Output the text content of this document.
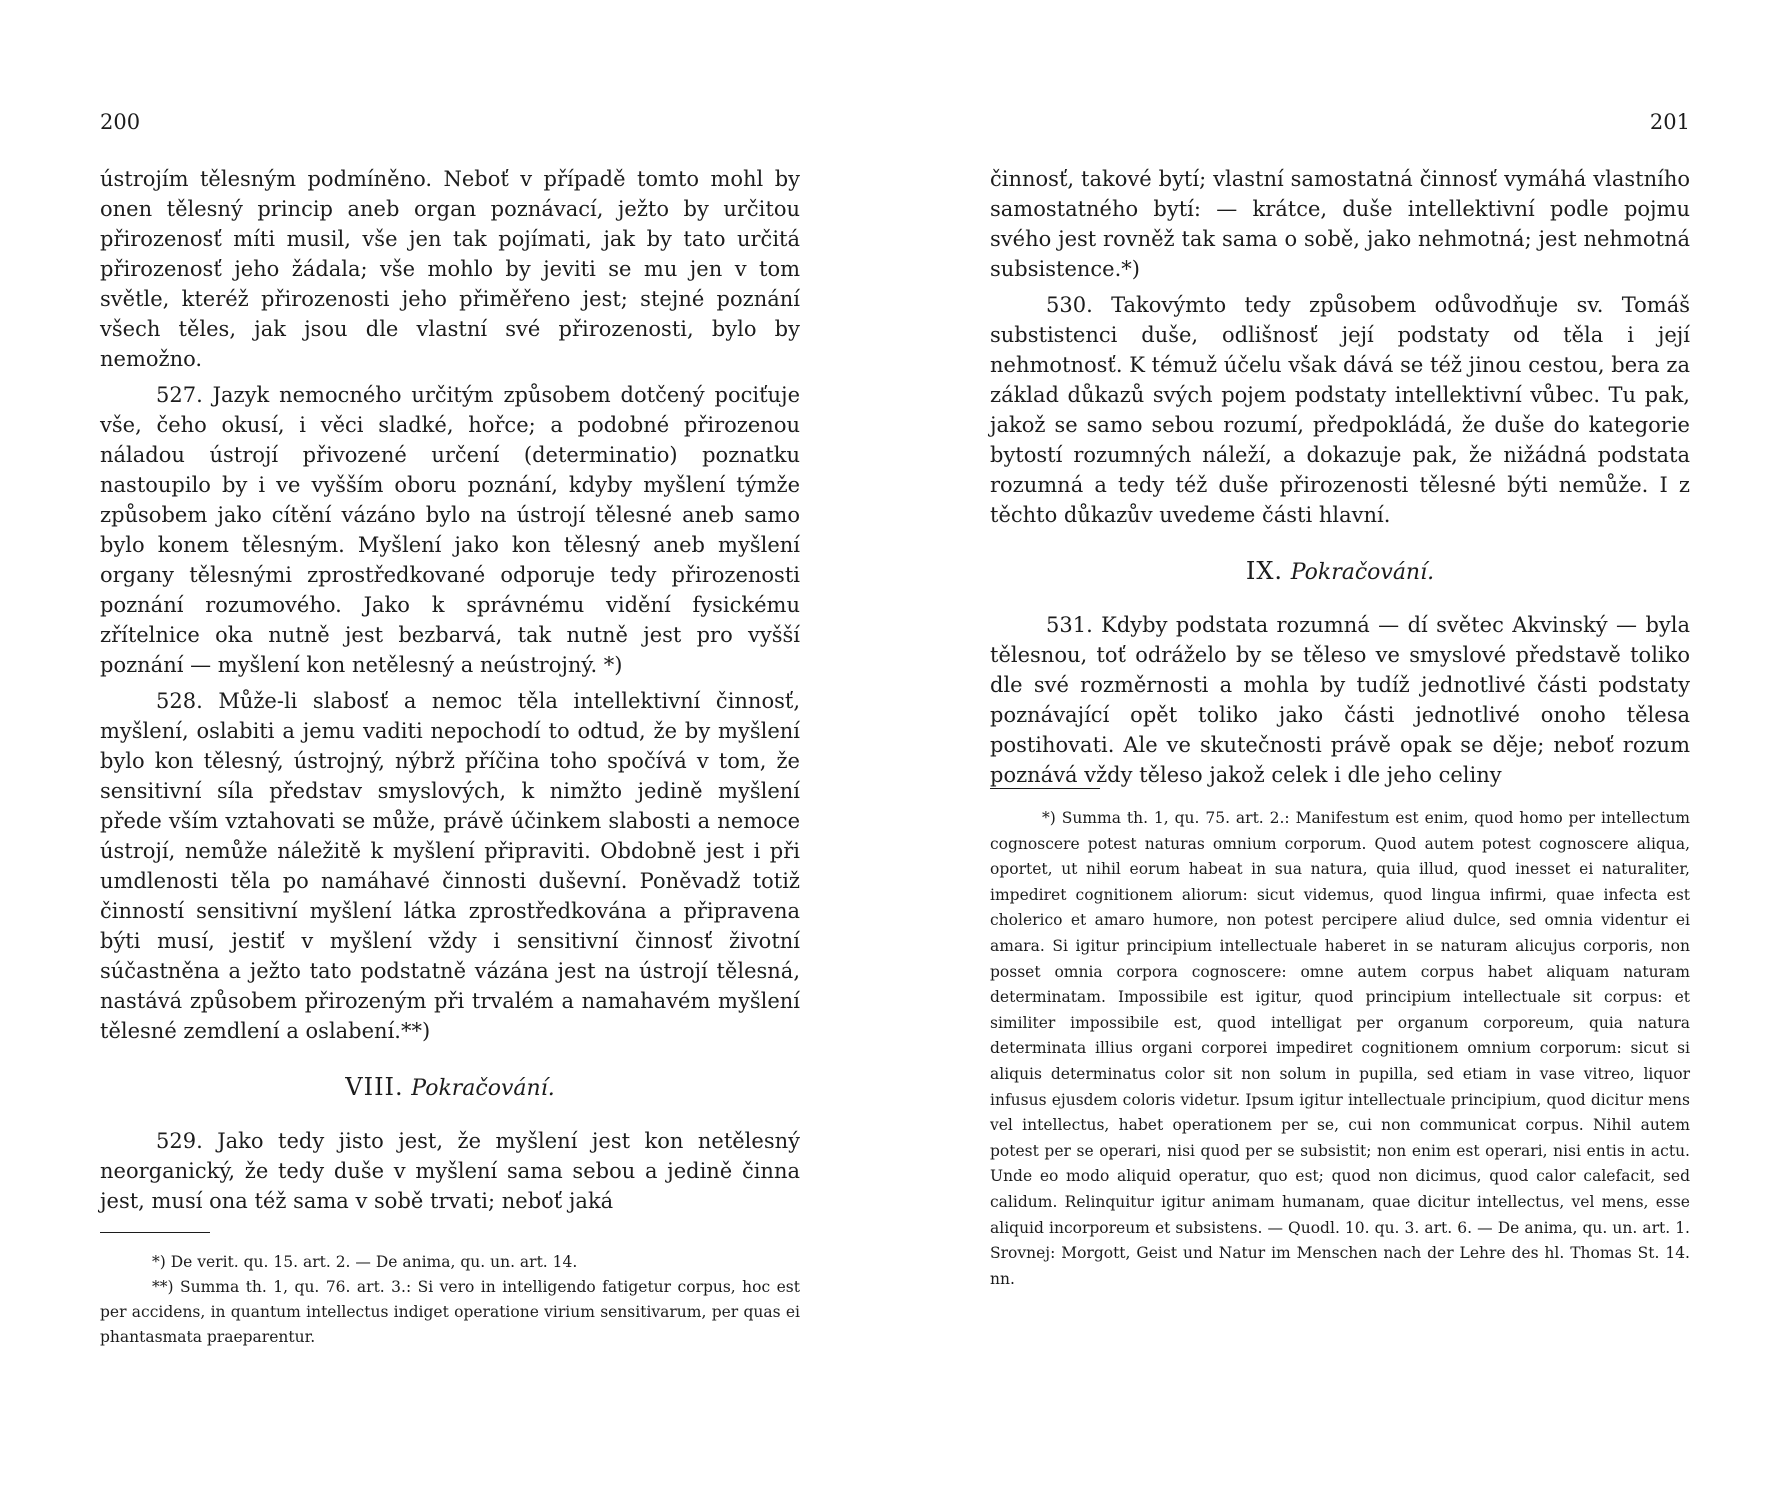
200

ústrojím tělesným podmíněno. Neboť v případě tomto mohl by onen tělesný princip aneb organ poznávací, ježto by určitou přirozenosť míti musil, vše jen tak pojímati, jak by tato určitá přirozenosť jeho žádala; vše mohlo by jeviti se mu jen v tom světle, kteréž přirozenosti jeho přiměřeno jest; stejné poznání všech těles, jak jsou dle vlastní své přirozenosti, bylo by nemožno.

527. Jazyk nemocného určitým způsobem dotčený pociťuje vše, čeho okusí, i věci sladké, hořce; a podobné přirozenou náladou ústrojí přivozené určení (determinatio) poznatku nastoupilo by i ve vyšším oboru poznání, kdyby myšlení týmže způsobem jako cítění vázáno bylo na ústrojí tělesné aneb samo bylo konem tělesným. Myšlení jako kon tělesný aneb myšlení organy tělesnými zprostředkované odporuje tedy přirozenosti poznání rozumového. Jako k správnému vidění fysickému zřítelnice oka nutně jest bezbarvá, tak nutně jest pro vyšší poznání — myšlení kon netělesný a neústrojný. *)

528. Může-li slabosť a nemoc těla intellektivní činnosť, myšlení, oslabiti a jemu vaditi nepochodí to odtud, že by myšlení bylo kon tělesný, ústrojný, nýbrž příčina toho spočívá v tom, že sensitivní síla představ smyslových, k nimžto jedině myšlení přede vším vztahovati se může, právě účinkem slabosti a nemoce ústrojí, nemůže náležitě k myšlení připraviti. Obdobně jest i při umdlenosti těla po namáhavé činnosti duševní. Poněvadž totiž činností sensitivní myšlení látka zprostředkována a připravena býti musí, jestiť v myšlení vždy i sensitivní činnosť životní súčastněna a ježto tato podstatně vázána jest na ústrojí tělesná, nastává způsobem přirozeným při trvalém a namahavém myšlení tělesné zemdlení a oslabení.**)

VIII. Pokračování.

529. Jako tedy jisto jest, že myšlení jest kon netělesný neorganický, že tedy duše v myšlení sama sebou a jedině činna jest, musí ona též sama v sobě trvati; neboť jaká

*) De verit. qu. 15. art. 2. — De anima, qu. un. art. 14.

**) Summa th. 1, qu. 76. art. 3.: Si vero in intelligendo fatigetur corpus, hoc est per accidens, in quantum intellectus indiget operatione virium sensitivarum, per quas ei phantasmata praeparentur.

201

činnosť, takové bytí; vlastní samostatná činnosť vymáhá vlastního samostatného bytí: — krátce, duše intellektivní podle pojmu svého jest rovněž tak sama o sobě, jako nehmotná; jest nehmotná subsistence.*)

530. Takovýmto tedy způsobem odůvodňuje sv. Tomáš substistenci duše, odlišnosť její podstaty od těla i její nehmotnosť. K témuž účelu však dává se též jinou cestou, bera za základ důkazů svých pojem podstaty intellektivní vůbec. Tu pak, jakož se samo sebou rozumí, předpokládá, že duše do kategorie bytostí rozumných náleží, a dokazuje pak, že nižádná podstata rozumná a tedy též duše přirozenosti tělesné býti nemůže. I z těchto důkazův uvedeme části hlavní.

IX. Pokračování.

531. Kdyby podstata rozumná — dí světec Akvinský — byla tělesnou, toť odráželo by se těleso ve smyslové představě toliko dle své rozměrnosti a mohla by tudíž jednotlivé části podstaty poznávající opět toliko jako části jednotlivé onoho tělesa postihovati. Ale ve skutečnosti právě opak se děje; neboť rozum poznává vždy těleso jakož celek i dle jeho celiny

*) Summa th. 1, qu. 75. art. 2.: Manifestum est enim, quod homo per intellectum cognoscere potest naturas omnium corporum. Quod autem potest cognoscere aliqua, oportet, ut nihil eorum habeat in sua natura, quia illud, quod inesset ei naturaliter, impediret cognitionem aliorum: sicut videmus, quod lingua infirmi, quae infecta est cholerico et amaro humore, non potest percipere aliud dulce, sed omnia videntur ei amara. Si igitur principium intellectuale haberet in se naturam alicujus corporis, non posset omnia corpora cognoscere: omne autem corpus habet aliquam naturam determinatam. Impossibile est igitur, quod principium intellectuale sit corpus: et similiter impossibile est, quod intelligat per organum corporeum, quia natura determinata illius organi corporei impediret cognitionem omnium corporum: sicut si aliquis determinatus color sit non solum in pupilla, sed etiam in vase vitreo, liquor infusus ejusdem coloris videtur. Ipsum igitur intellectuale principium, quod dicitur mens vel intellectus, habet operationem per se, cui non communicat corpus. Nihil autem potest per se operari, nisi quod per se subsistit; non enim est operari, nisi entis in actu. Unde eo modo aliquid operatur, quo est; quod non dicimus, quod calor calefacit, sed calidum. Relinquitur igitur animam humanam, quae dicitur intellectus, vel mens, esse aliquid incorporeum et subsistens. — Quodl. 10. qu. 3. art. 6. — De anima, qu. un. art. 1. Srovnej: Morgott, Geist und Natur im Menschen nach der Lehre des hl. Thomas St. 14. nn.
